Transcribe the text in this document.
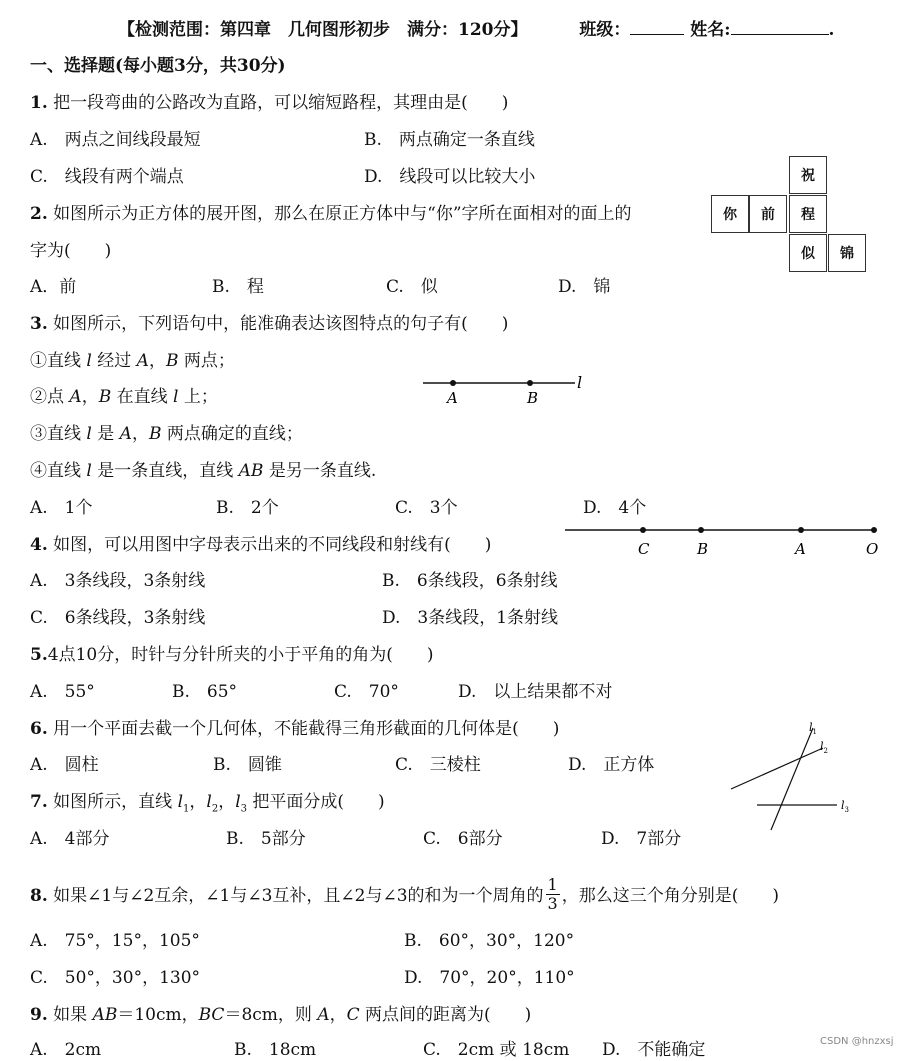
【检测范围：第四章　几何图形初步　满分：120分】	班级：	姓名:	.
一、选择题(每小题3分，共30分)
1. 把一段弯曲的公路改为直路，可以缩短路程，其理由是(　　)
A.　两点之间线段最短	B.　两点确定一条直线
C.　线段有两个端点	D.　线段可以比较大小	祝
你	前	程
似	锦
2. 如图所示为正方体的展开图，那么在原正方体中与“你”字所在面相对的面上的
字为(　　)
A．前	B.　程	C.　似	D.　锦
3. 如图所示，下列语句中，能准确表达该图特点的句子有(　　)
①直线 l 经过 A，B 两点；
②点 A，B 在直线 l 上；
③直线 l 是 A，B 两点确定的直线；
④直线 l 是一条直线，直线 AB 是另一条直线.
A	B
l
A.　1个	B.　2个	C.　3个	D.　4个
C	B	A	O
4. 如图，可以用图中字母表示出来的不同线段和射线有(　　)
A.　3条线段，3条射线	B.　6条线段，6条射线
C.　6条线段，3条射线	D.　3条线段，1条射线
5.4点10分，时针与分针所夹的小于平角的角为(　　)
A.　55°	B.　65°	C.　70°	D.　以上结果都不对
6. 用一个平面去截一个几何体，不能截得三角形截面的几何体是(　　)
A.　圆柱	B.　圆锥	C.　三棱柱	D.　正方体
$l_1$
$l_2$
$l_3$
7. 如图所示，直线 $l_1$，$l_2$，$l_3$ 把平面分成(　　)
A.　4部分	B.　5部分	C.　6部分	D.　7部分
8. 如果∠1与∠2互余，∠1与∠3互补，且∠2与∠3的和为一个周角的 $\frac{1}{3}$ ，那么这三个角分别是(　　)
A.　75°，15°，105°	B.　60°，30°，120°
C.　50°，30°，130°	D.　70°，20°，110°
9. 如果 AB＝10cm，BC＝8cm，则 A，C 两点间的距离为(　　)
A.　2cm	B.　18cm	C.　2cm 或 18cm D.　不能确定	CSDN @hnzxsj
